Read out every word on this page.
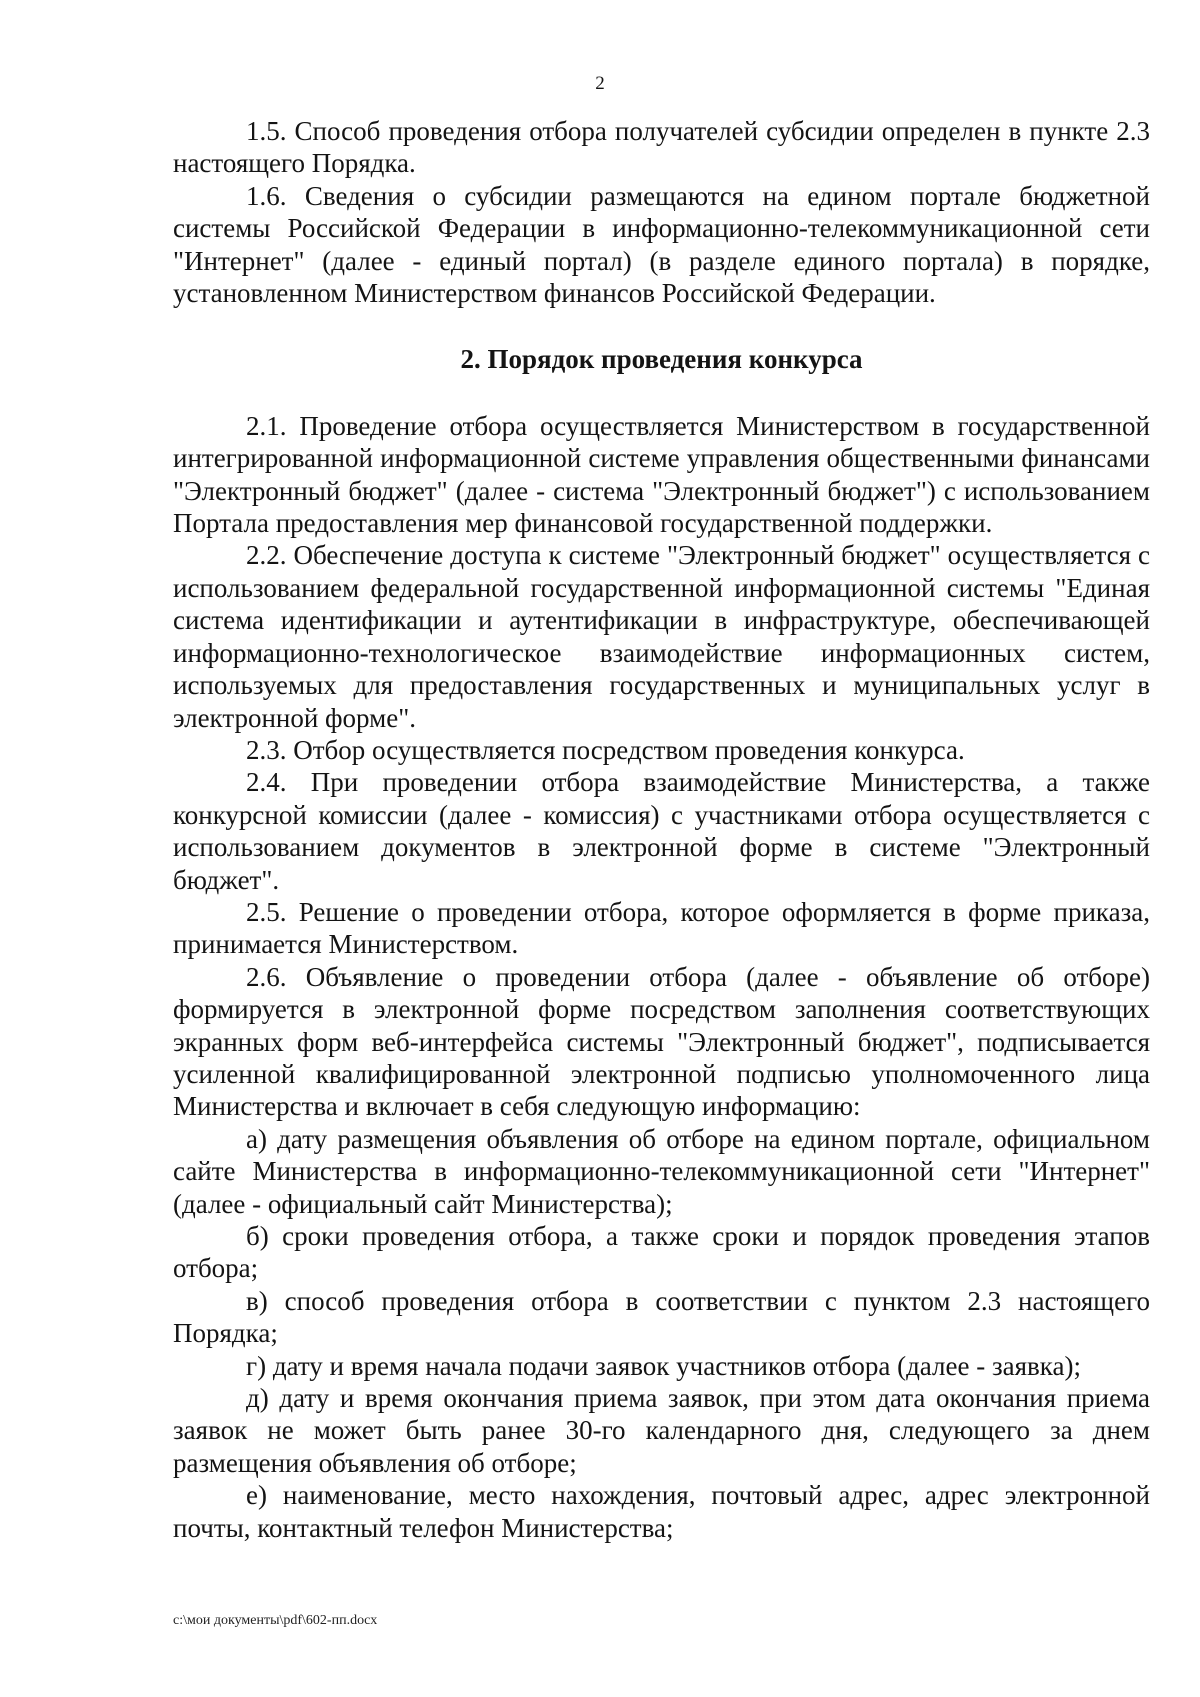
2

1.5. Способ проведения отбора получателей субсидии определен в пункте 2.3 настоящего Порядка.

1.6. Сведения о субсидии размещаются на едином портале бюджетной системы Российской Федерации в информационно-телекоммуникационной сети "Интернет" (далее - единый портал) (в разделе единого портала) в порядке, установленном Министерством финансов Российской Федерации.

2. Порядок проведения конкурса

2.1. Проведение отбора осуществляется Министерством в государственной интегрированной информационной системе управления общественными финансами "Электронный бюджет" (далее - система "Электронный бюджет") с использованием Портала предоставления мер финансовой государственной поддержки.

2.2. Обеспечение доступа к системе "Электронный бюджет" осуществляется с использованием федеральной государственной информационной системы "Единая система идентификации и аутентификации в инфраструктуре, обеспечивающей информационно-технологическое взаимодействие информационных систем, используемых для предоставления государственных и муниципальных услуг в электронной форме".

2.3. Отбор осуществляется посредством проведения конкурса.

2.4. При проведении отбора взаимодействие Министерства, а также конкурсной комиссии (далее - комиссия) с участниками отбора осуществляется с использованием документов в электронной форме в системе "Электронный бюджет".

2.5. Решение о проведении отбора, которое оформляется в форме приказа, принимается Министерством.

2.6. Объявление о проведении отбора (далее - объявление об отборе) формируется в электронной форме посредством заполнения соответствующих экранных форм веб-интерфейса системы "Электронный бюджет", подписывается усиленной квалифицированной электронной подписью уполномоченного лица Министерства и включает в себя следующую информацию:

а) дату размещения объявления об отборе на едином портале, официальном сайте Министерства в информационно-телекоммуникационной сети "Интернет" (далее - официальный сайт Министерства);

б) сроки проведения отбора, а также сроки и порядок проведения этапов отбора;

в) способ проведения отбора в соответствии с пунктом 2.3 настоящего Порядка;

г) дату и время начала подачи заявок участников отбора (далее - заявка);

д) дату и время окончания приема заявок, при этом дата окончания приема заявок не может быть ранее 30-го календарного дня, следующего за днем размещения объявления об отборе;

е) наименование, место нахождения, почтовый адрес, адрес электронной почты, контактный телефон Министерства;

c:\мои документы\pdf\602-пп.docx
